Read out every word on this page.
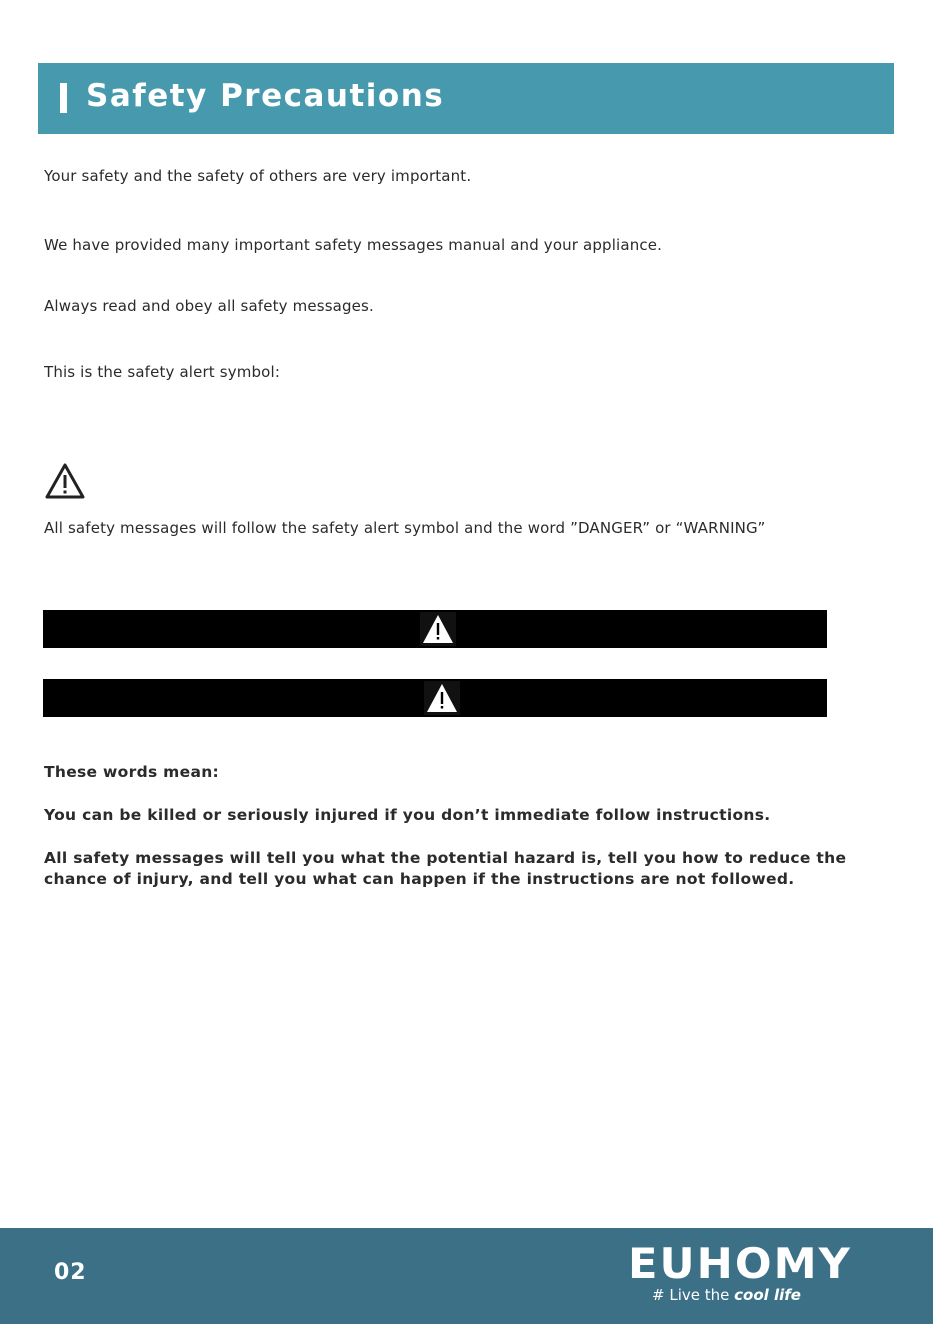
Safety Precautions
Your safety and the safety of others are very important.
We have provided many important safety messages manual and your appliance.
Always read and obey all safety messages.
This is the safety alert symbol:
All safety messages will follow the safety alert symbol and the word ”DANGER” or “WARNING”
These words mean:
You can be killed or seriously injured if you don’t immediate follow instructions.
All safety messages will tell you what the potential hazard is, tell you how to reduce the chance of injury, and tell you what can happen if the instructions are not followed.
02	EUHOMY
# Live the cool life
